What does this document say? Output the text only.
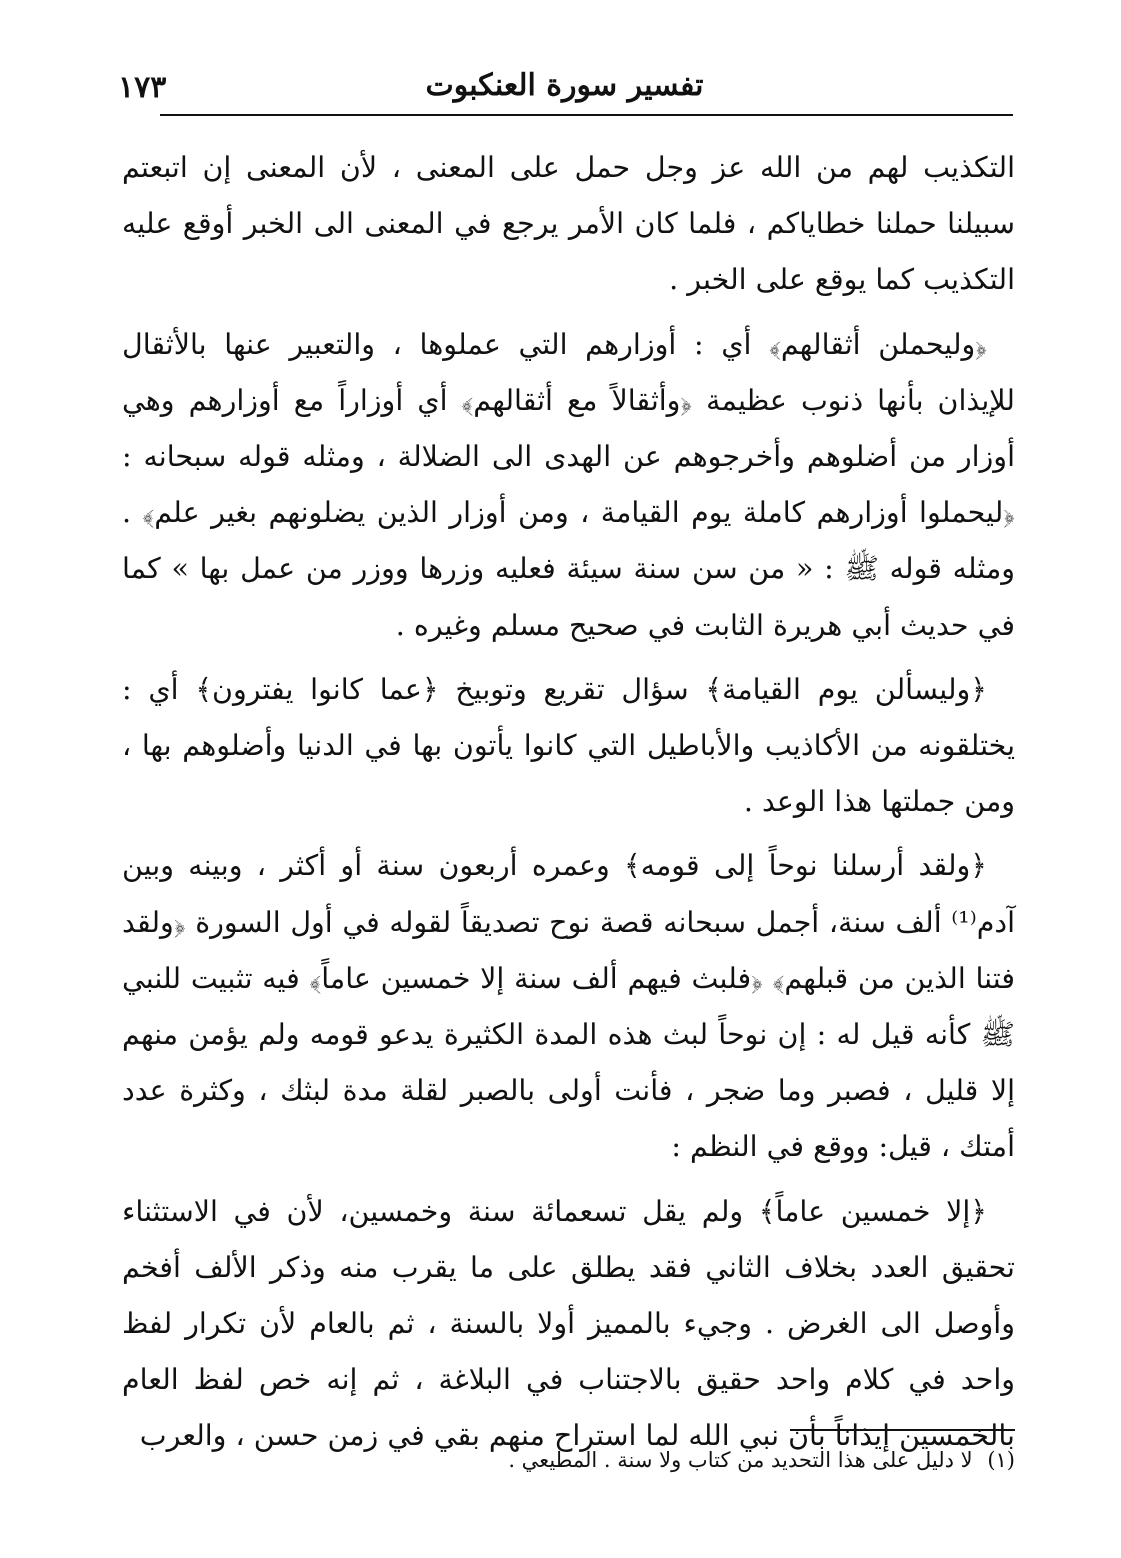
١٧٣	تفسير سورة العنكبوت

التكذيب لهم من الله عز وجل حمل على المعنى ، لأن المعنى إن اتبعتم سبيلنا حملنا خطاياكم ، فلما كان الأمر يرجع في المعنى الى الخبر أوقع عليه التكذيب كما يوقع على الخبر .

﴿وليحملن أثقالهم﴾ أي : أوزارهم التي عملوها ، والتعبير عنها بالأثقال للإيذان بأنها ذنوب عظيمة ﴿وأثقالاً مع أثقالهم﴾ أي أوزاراً مع أوزارهم وهي أوزار من أضلوهم وأخرجوهم عن الهدى الى الضلالة ، ومثله قوله سبحانه : ﴿ليحملوا أوزارهم كاملة يوم القيامة ، ومن أوزار الذين يضلونهم بغير علم﴾ . ومثله قوله ﷺ : « من سن سنة سيئة فعليه وزرها ووزر من عمل بها » كما في حديث أبي هريرة الثابت في صحيح مسلم وغيره .

﴿وليسألن يوم القيامة﴾ سؤال تقريع وتوبيخ ﴿عما كانوا يفترون﴾ أي : يختلقونه من الأكاذيب والأباطيل التي كانوا يأتون بها في الدنيا وأضلوهم بها ، ومن جملتها هذا الوعد .

﴿ولقد أرسلنا نوحاً إلى قومه﴾ وعمره أربعون سنة أو أكثر ، وبينه وبين آدم⁽¹⁾ ألف سنة، أجمل سبحانه قصة نوح تصديقاً لقوله في أول السورة ﴿ولقد فتنا الذين من قبلهم﴾ ﴿فلبث فيهم ألف سنة إلا خمسين عاماً﴾ فيه تثبيت للنبي ﷺ كأنه قيل له : إن نوحاً لبث هذه المدة الكثيرة يدعو قومه ولم يؤمن منهم إلا قليل ، فصبر وما ضجر ، فأنت أولى بالصبر لقلة مدة لبثك ، وكثرة عدد أمتك ، قيل: ووقع في النظم :

﴿إلا خمسين عاماً﴾ ولم يقل تسعمائة سنة وخمسين، لأن في الاستثناء تحقيق العدد بخلاف الثاني فقد يطلق على ما يقرب منه وذكر الألف أفخم وأوصل الى الغرض . وجيء بالمميز أولا بالسنة ، ثم بالعام لأن تكرار لفظ واحد في كلام واحد حقيق بالاجتناب في البلاغة ، ثم إنه خص لفظ العام بالخمسين إيذاناً بأن نبي الله لما استراح منهم بقي في زمن حسن ، والعرب

(١) لا دليل على هذا التحديد من كتاب ولا سنة . المطيعي .
